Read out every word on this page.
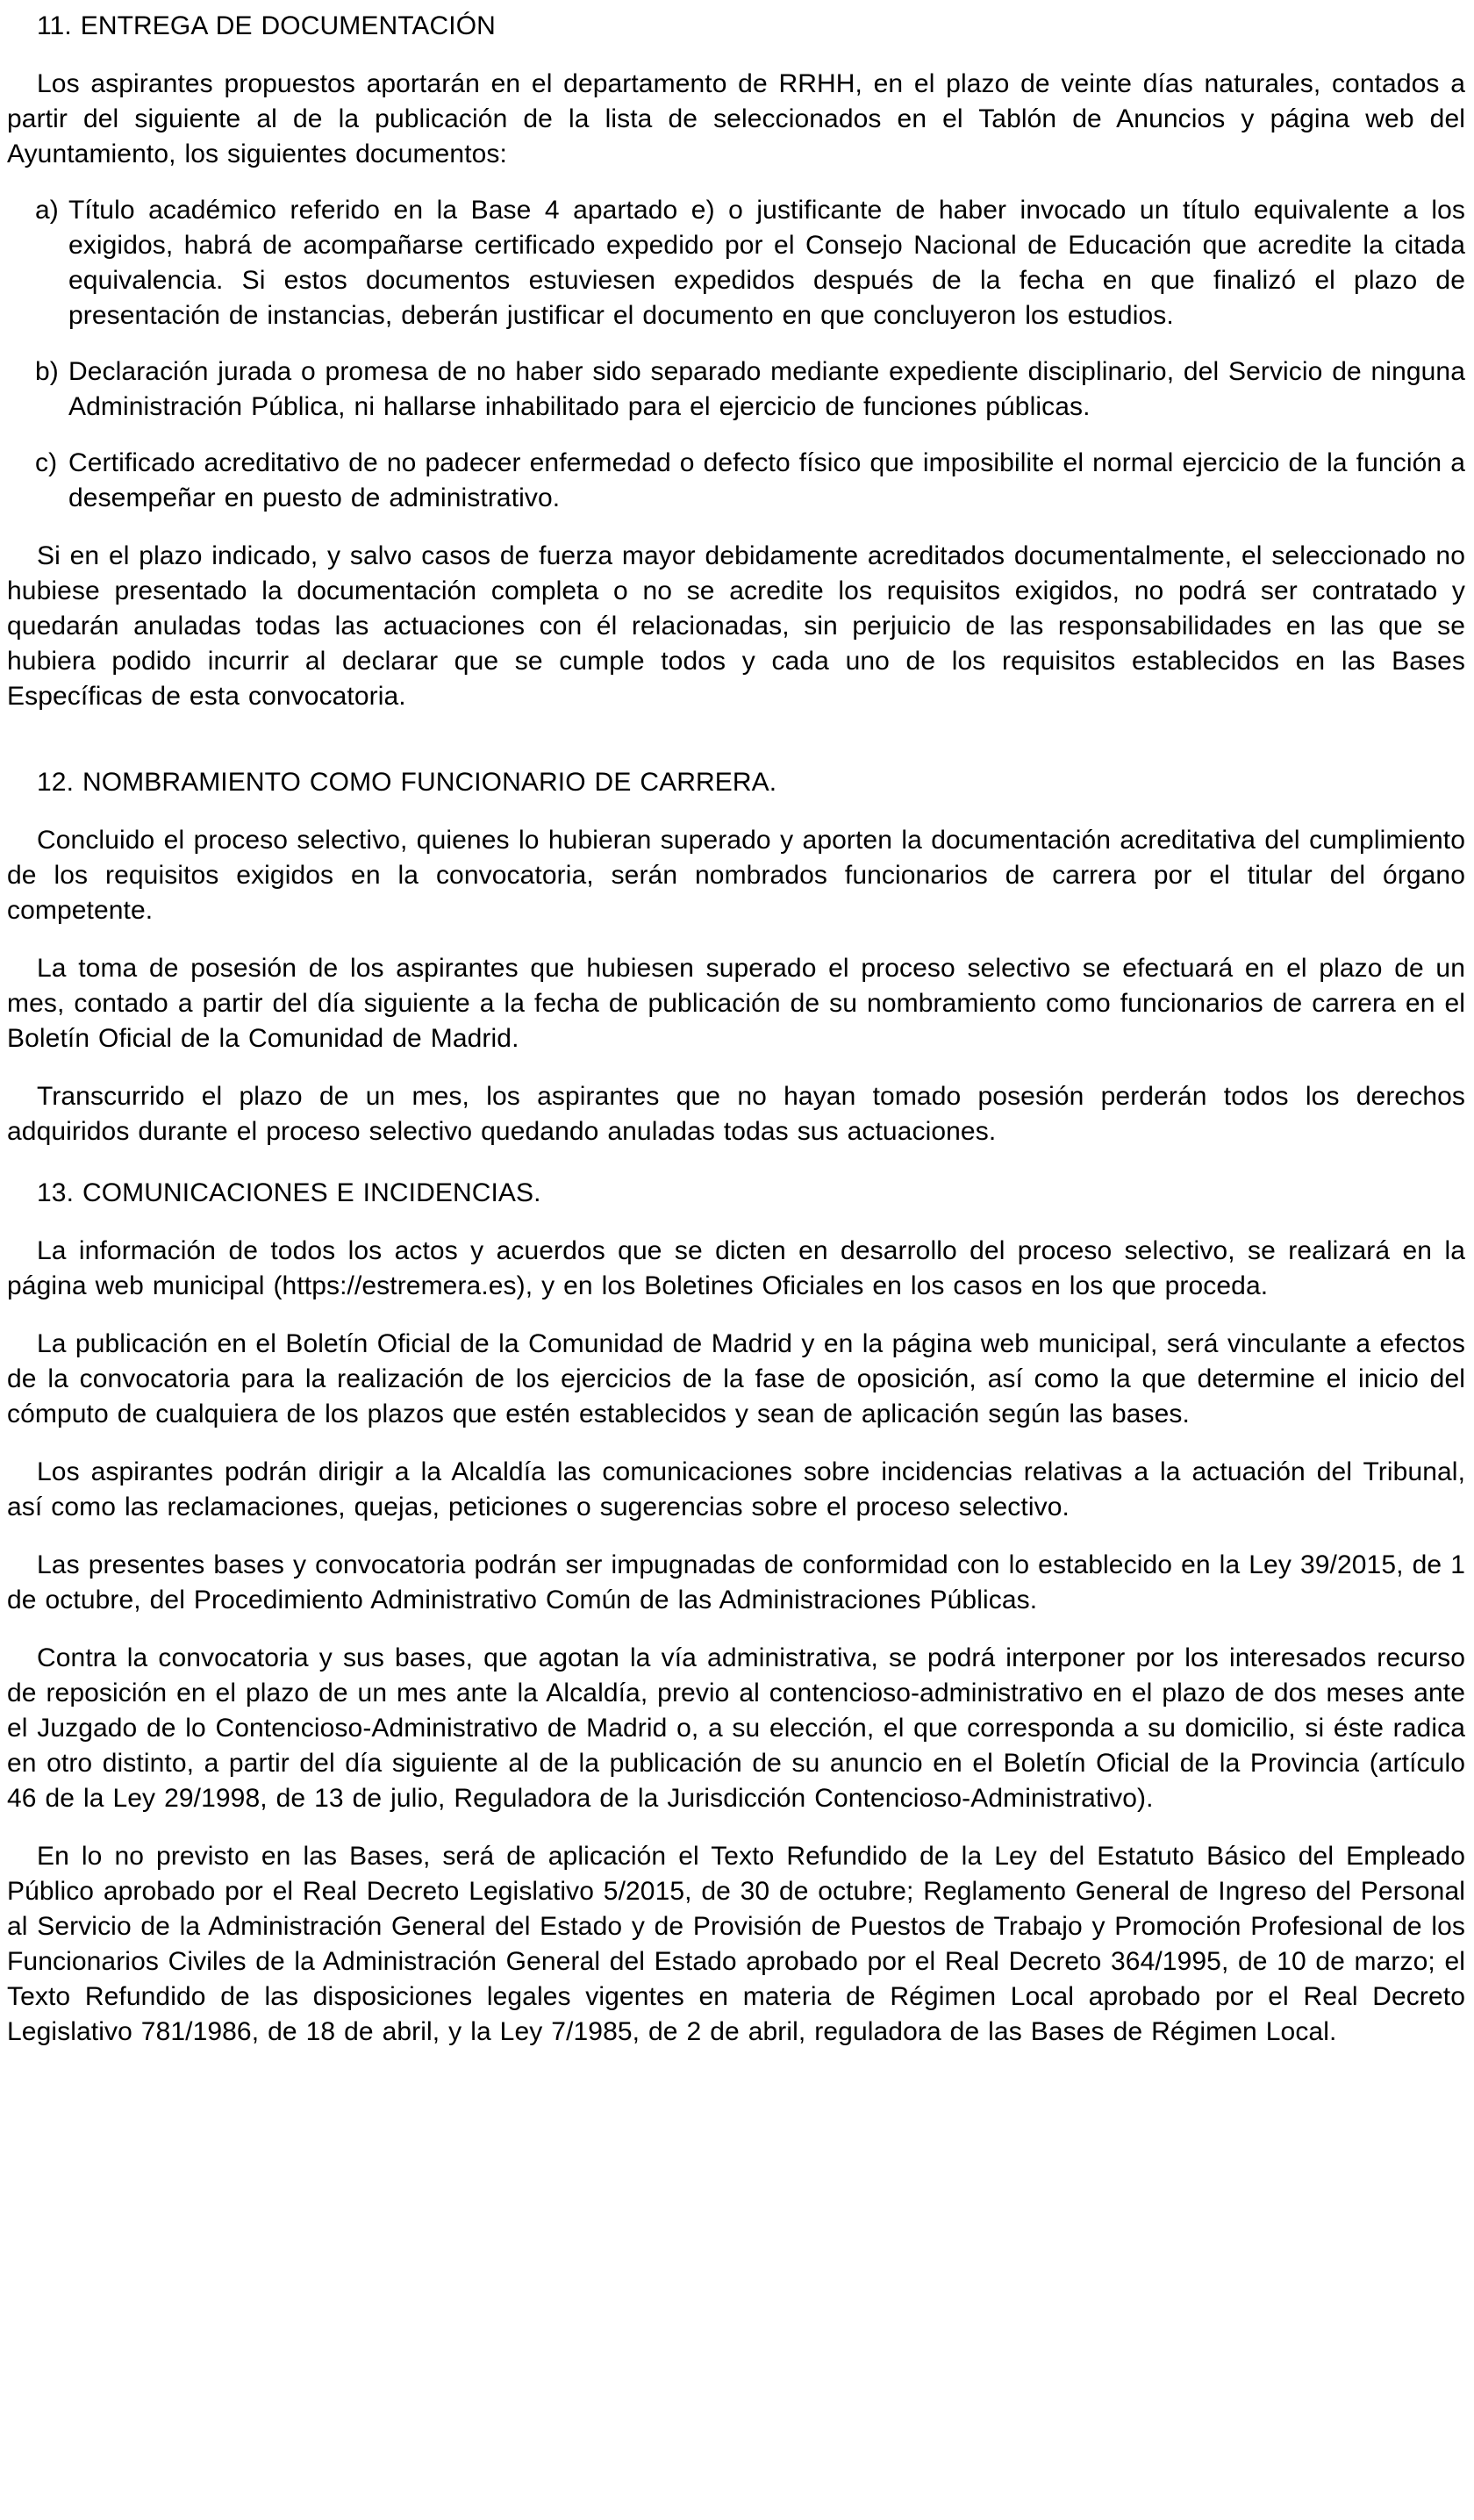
11. ENTREGA DE DOCUMENTACIÓN

Los aspirantes propuestos aportarán en el departamento de RRHH, en el plazo de veinte días naturales, contados a partir del siguiente al de la publicación de la lista de seleccionados en el Tablón de Anuncios y página web del Ayuntamiento, los siguientes documentos:

a) Título académico referido en la Base 4 apartado e) o justificante de haber invocado un título equivalente a los exigidos, habrá de acompañarse certificado expedido por el Consejo Nacional de Educación que acredite la citada equivalencia. Si estos documentos estuviesen expedidos después de la fecha en que finalizó el plazo de presentación de instancias, deberán justificar el documento en que concluyeron los estudios.
b) Declaración jurada o promesa de no haber sido separado mediante expediente disciplinario, del Servicio de ninguna Administración Pública, ni hallarse inhabilitado para el ejercicio de funciones públicas.
c) Certificado acreditativo de no padecer enfermedad o defecto físico que imposibilite el normal ejercicio de la función a desempeñar en puesto de administrativo.

Si en el plazo indicado, y salvo casos de fuerza mayor debidamente acreditados documentalmente, el seleccionado no hubiese presentado la documentación completa o no se acredite los requisitos exigidos, no podrá ser contratado y quedarán anuladas todas las actuaciones con él relacionadas, sin perjuicio de las responsabilidades en las que se hubiera podido incurrir al declarar que se cumple todos y cada uno de los requisitos establecidos en las Bases Específicas de esta convocatoria.

12. NOMBRAMIENTO COMO FUNCIONARIO DE CARRERA.

Concluido el proceso selectivo, quienes lo hubieran superado y aporten la documentación acreditativa del cumplimiento de los requisitos exigidos en la convocatoria, serán nombrados funcionarios de carrera por el titular del órgano competente.

La toma de posesión de los aspirantes que hubiesen superado el proceso selectivo se efectuará en el plazo de un mes, contado a partir del día siguiente a la fecha de publicación de su nombramiento como funcionarios de carrera en el Boletín Oficial de la Comunidad de Madrid.

Transcurrido el plazo de un mes, los aspirantes que no hayan tomado posesión perderán todos los derechos adquiridos durante el proceso selectivo quedando anuladas todas sus actuaciones.

13. COMUNICACIONES E INCIDENCIAS.

La información de todos los actos y acuerdos que se dicten en desarrollo del proceso selectivo, se realizará en la página web municipal (https://estremera.es), y en los Boletines Oficiales en los casos en los que proceda.

La publicación en el Boletín Oficial de la Comunidad de Madrid y en la página web municipal, será vinculante a efectos de la convocatoria para la realización de los ejercicios de la fase de oposición, así como la que determine el inicio del cómputo de cualquiera de los plazos que estén establecidos y sean de aplicación según las bases.

Los aspirantes podrán dirigir a la Alcaldía las comunicaciones sobre incidencias relativas a la actuación del Tribunal, así como las reclamaciones, quejas, peticiones o sugerencias sobre el proceso selectivo.

Las presentes bases y convocatoria podrán ser impugnadas de conformidad con lo establecido en la Ley 39/2015, de 1 de octubre, del Procedimiento Administrativo Común de las Administraciones Públicas.

Contra la convocatoria y sus bases, que agotan la vía administrativa, se podrá interponer por los interesados recurso de reposición en el plazo de un mes ante la Alcaldía, previo al contencioso-administrativo en el plazo de dos meses ante el Juzgado de lo Contencioso-Administrativo de Madrid o, a su elección, el que corresponda a su domicilio, si éste radica en otro distinto, a partir del día siguiente al de la publicación de su anuncio en el Boletín Oficial de la Provincia (artículo 46 de la Ley 29/1998, de 13 de julio, Reguladora de la Jurisdicción Contencioso-Administrativo).

En lo no previsto en las Bases, será de aplicación el Texto Refundido de la Ley del Estatuto Básico del Empleado Público aprobado por el Real Decreto Legislativo 5/2015, de 30 de octubre; Reglamento General de Ingreso del Personal al Servicio de la Administración General del Estado y de Provisión de Puestos de Trabajo y Promoción Profesional de los Funcionarios Civiles de la Administración General del Estado aprobado por el Real Decreto 364/1995, de 10 de marzo; el Texto Refundido de las disposiciones legales vigentes en materia de Régimen Local aprobado por el Real Decreto Legislativo 781/1986, de 18 de abril, y la Ley 7/1985, de 2 de abril, reguladora de las Bases de Régimen Local.
